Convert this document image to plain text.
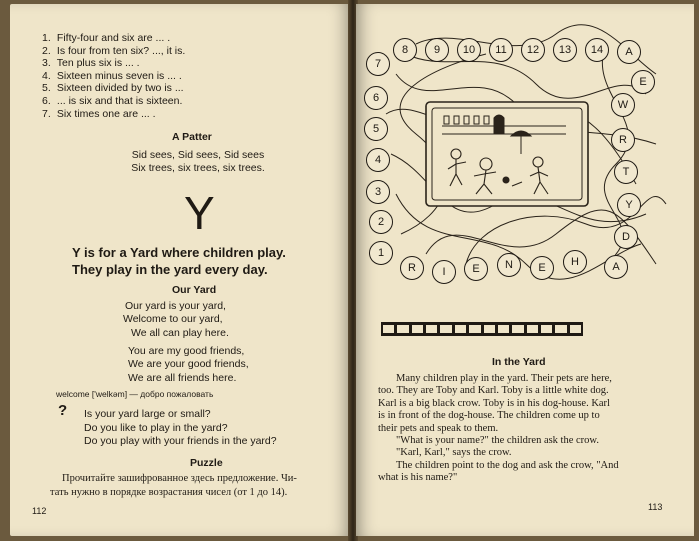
1. Fifty-four and six are ... .
2. Is four from ten six? ..., it is.
3. Ten plus six is ... .
4. Sixteen minus seven is ... .
5. Sixteen divided by two is ...
6. ... is six and that is sixteen.
7. Six times one are ... .
A Patter
Sid sees, Sid sees, Sid sees
Six trees, six trees, six trees.
Y
Y is for a Yard where children play.
They play in the yard every day.
Our Yard
Our yard is your yard,
Welcome to our yard,
We all can play here.
You are my good friends,
We are your good friends,
We are all friends here.
welcome ['welkəm] — добро пожаловать
? Is your yard large or small?
Do you like to play in the yard?
Do you play with your friends in the yard?
Puzzle
Прочитайте зашифрованное здесь предложение. Чи-
тать нужно в порядке возрастания чисел (от 1 до 14).
112
8	9	10	11	12	13	14	A
7
6
5
4
3
2
1
E
W
R
T
Y
D
A
R	I	E	N	E	H
In the Yard
Many children play in the yard. Their pets are here,
too. They are Toby and Karl. Toby is a little white dog.
Karl is a big black crow. Toby is in his dog-house. Karl
is in front of the dog-house. The children come up to
their pets and speak to them.
"What is your name?" the children ask the crow.
"Karl, Karl," says the crow.
The children point to the dog and ask the crow, "And
what is his name?"
113
